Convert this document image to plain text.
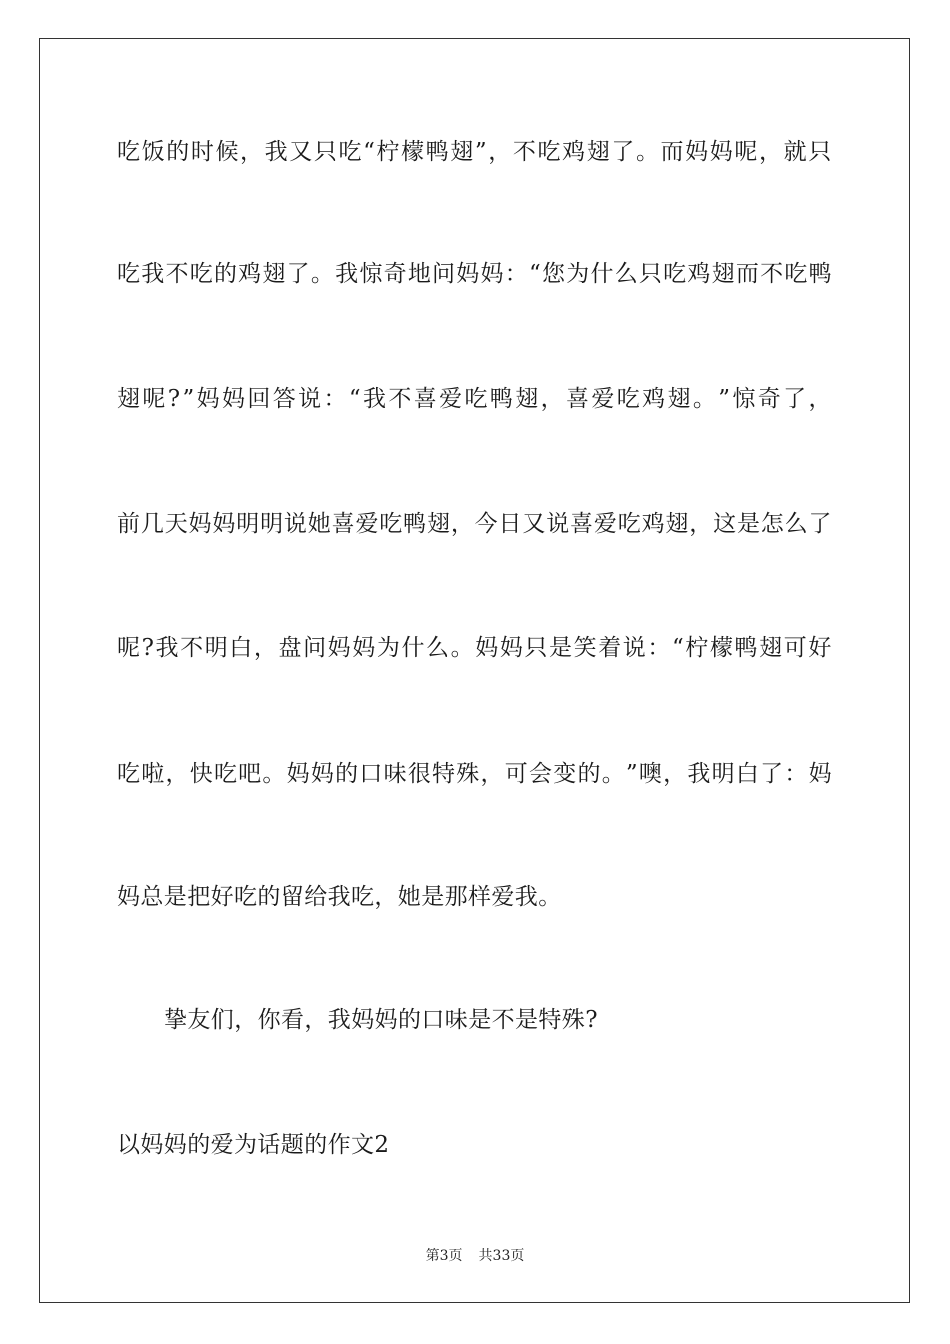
吃 饭 的 时 候 ， 我 又 只 吃 “ 柠 檬 鸭 翅 ” ， 不 吃 鸡 翅 了 。 而 妈 妈 呢 ， 就 只
吃 我 不 吃 的 鸡 翅 了 。 我 惊 奇 地 问 妈 妈 ： “ 您 为 什 么 只 吃 鸡 翅 而 不 吃 鸭
翅 呢 ? ” 妈 妈 回 答 说 ： “ 我 不 喜 爱 吃 鸭 翅 ， 喜 爱 吃 鸡 翅 。 ” 惊 奇 了 ，
前 几 天 妈 妈 明 明 说 她 喜 爱 吃 鸭 翅 ， 今 日 又 说 喜 爱 吃 鸡 翅 ， 这 是 怎 么 了
呢 ? 我 不 明 白 ， 盘 问 妈 妈 为 什 么 。 妈 妈 只 是 笑 着 说 ： “ 柠 檬 鸭 翅 可 好
吃 啦 ， 快 吃 吧 。 妈 妈 的 口 味 很 特 殊 ， 可 会 变 的 。 ” 噢 ， 我 明 白 了 ： 妈
妈总是把好吃的留给我吃，她是那样爱我。
挚友们，你看，我妈妈的口味是不是特殊?
以妈妈的爱为话题的作文2
第3页 共33页
